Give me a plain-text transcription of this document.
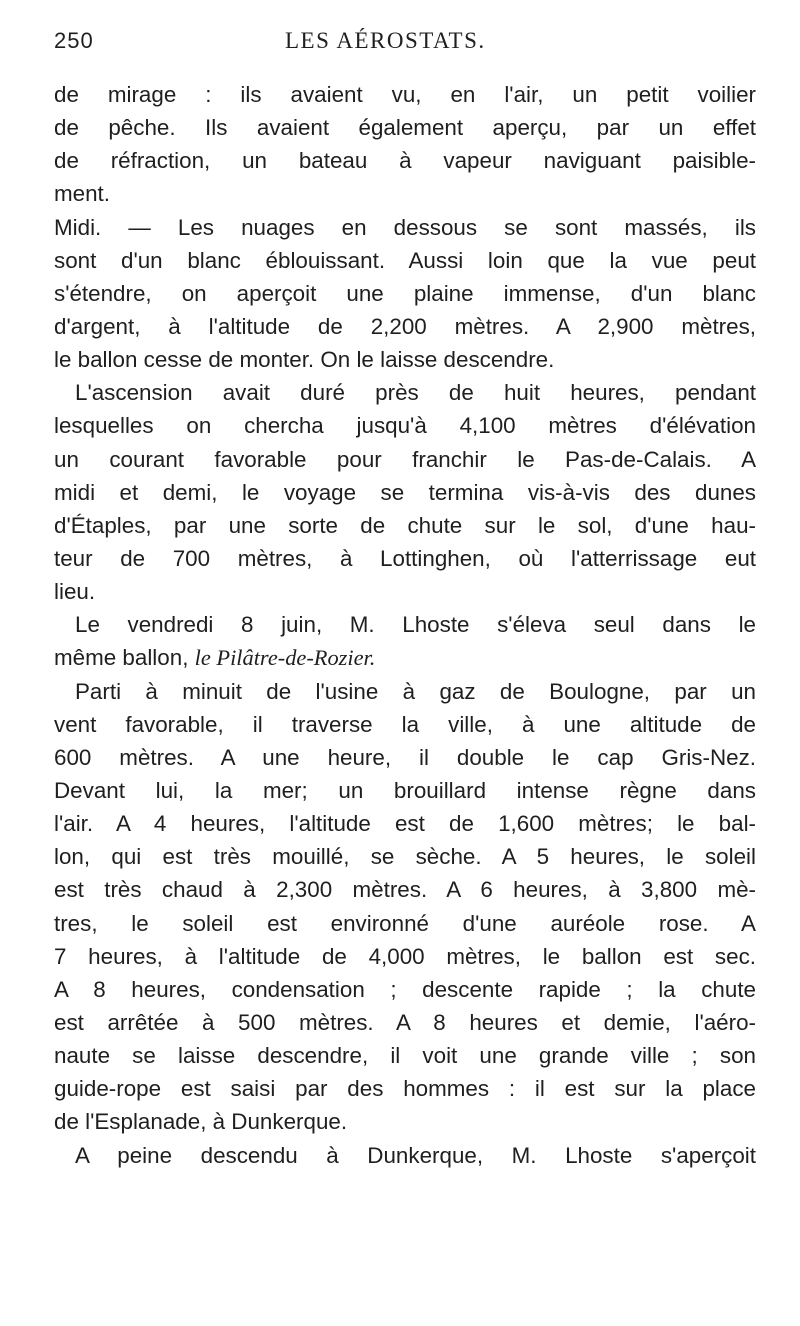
250	LES AÉROSTATS.
de mirage : ils avaient vu, en l'air, un petit voilier
de pêche. Ils avaient également aperçu, par un effet
de réfraction, un bateau à vapeur naviguant paisible-
ment.
Midi. — Les nuages en dessous se sont massés, ils
sont d'un blanc éblouissant. Aussi loin que la vue peut
s'étendre, on aperçoit une plaine immense, d'un blanc
d'argent, à l'altitude de 2,200 mètres. A 2,900 mètres,
le ballon cesse de monter. On le laisse descendre.
L'ascension avait duré près de huit heures, pendant
lesquelles on chercha jusqu'à 4,100 mètres d'élévation
un courant favorable pour franchir le Pas-de-Calais. A
midi et demi, le voyage se termina vis-à-vis des dunes
d'Étaples, par une sorte de chute sur le sol, d'une hau-
teur de 700 mètres, à Lottinghen, où l'atterrissage eut
lieu.
Le vendredi 8 juin, M. Lhoste s'éleva seul dans le
même ballon, le Pilâtre-de-Rozier.
Parti à minuit de l'usine à gaz de Boulogne, par un
vent favorable, il traverse la ville, à une altitude de
600 mètres. A une heure, il double le cap Gris-Nez.
Devant lui, la mer; un brouillard intense règne dans
l'air. A 4 heures, l'altitude est de 1,600 mètres; le bal-
lon, qui est très mouillé, se sèche. A 5 heures, le soleil
est très chaud à 2,300 mètres. A 6 heures, à 3,800 mè-
tres, le soleil est environné d'une auréole rose. A
7 heures, à l'altitude de 4,000 mètres, le ballon est sec.
A 8 heures, condensation ; descente rapide ; la chute
est arrêtée à 500 mètres. A 8 heures et demie, l'aéro-
naute se laisse descendre, il voit une grande ville ; son
guide-rope est saisi par des hommes : il est sur la place
de l'Esplanade, à Dunkerque.
A peine descendu à Dunkerque, M. Lhoste s'aperçoit
